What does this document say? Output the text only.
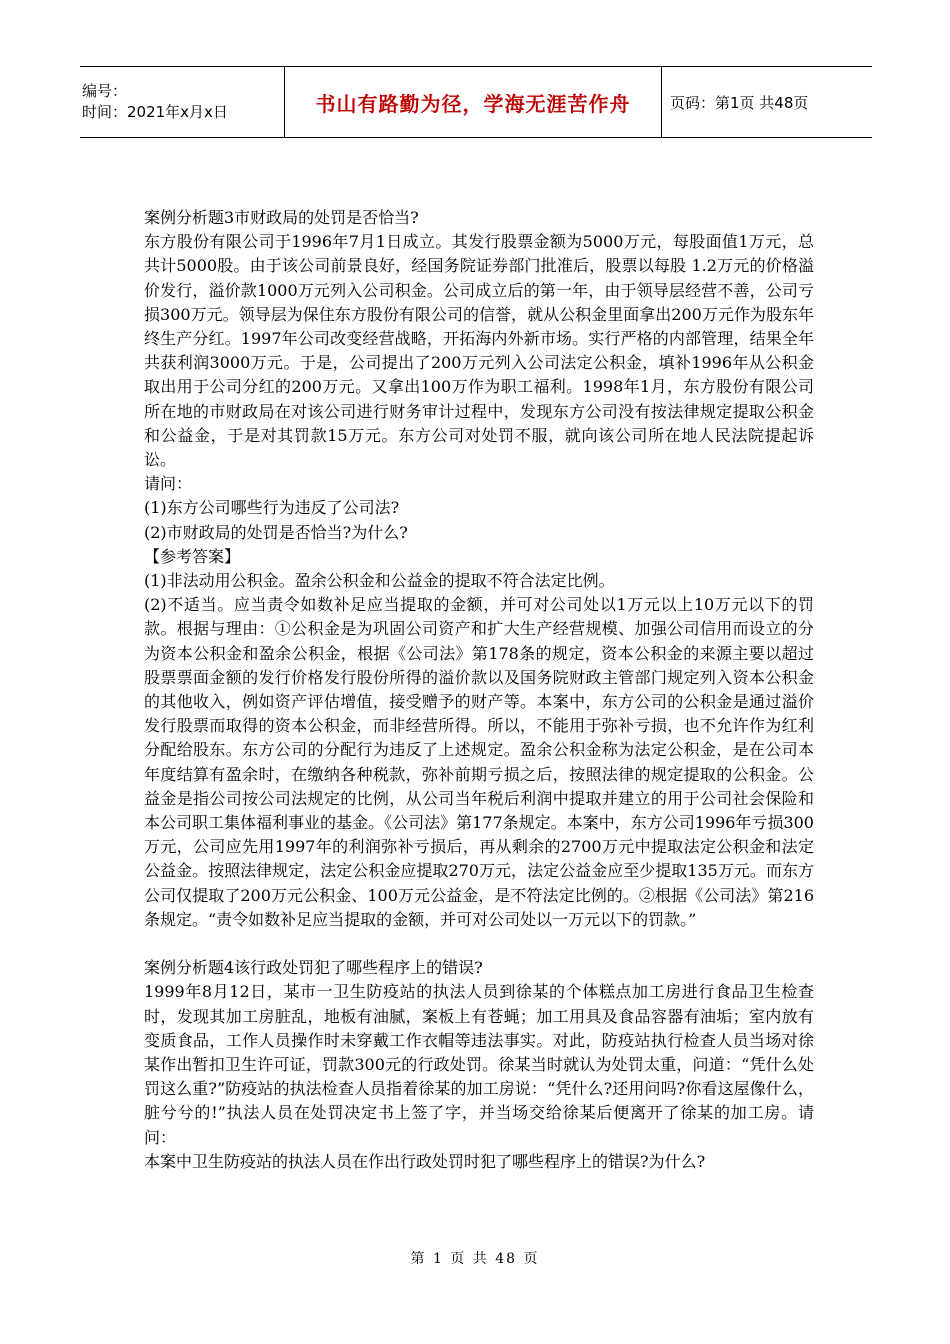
编号：
时间：2021年x月x日	书山有路勤为径，学海无涯苦作舟	页码：第1页 共48页

案例分析题3市财政局的处罚是否恰当?

东方股份有限公司于1996年7月1日成立。其发行股票金额为5000万元，每股面值1万元，总共计5000股。由于该公司前景良好，经国务院证券部门批准后，股票以每股 1.2万元的价格溢价发行，溢价款1000万元列入公司积金。公司成立后的第一年，由于领导层经营不善，公司亏损300万元。领导层为保住东方股份有限公司的信誉，就从公积金里面拿出200万元作为股东年终生产分红。1997年公司改变经营战略，开拓海内外新市场。实行严格的内部管理，结果全年共获利润3000万元。于是，公司提出了200万元列入公司法定公积金，填补1996年从公积金取出用于公司分红的200万元。又拿出100万作为职工福利。1998年1月，东方股份有限公司所在地的市财政局在对该公司进行财务审计过程中，发现东方公司没有按法律规定提取公积金和公益金，于是对其罚款15万元。东方公司对处罚不服，就向该公司所在地人民法院提起诉讼。

请问：

(1)东方公司哪些行为违反了公司法?

(2)市财政局的处罚是否恰当?为什么?

【参考答案】

(1)非法动用公积金。盈余公积金和公益金的提取不符合法定比例。

(2)不适当。应当责令如数补足应当提取的金额，并可对公司处以1万元以上10万元以下的罚款。根据与理由：①公积金是为巩固公司资产和扩大生产经营规模、加强公司信用而设立的分为资本公积金和盈余公积金，根据《公司法》第178条的规定，资本公积金的来源主要以超过股票票面金额的发行价格发行股份所得的溢价款以及国务院财政主管部门规定列入资本公积金的其他收入，例如资产评估增值，接受赠予的财产等。本案中，东方公司的公积金是通过溢价发行股票而取得的资本公积金，而非经营所得。所以，不能用于弥补亏损，也不允许作为红利分配给股东。东方公司的分配行为违反了上述规定。盈余公积金称为法定公积金，是在公司本年度结算有盈余时，在缴纳各种税款，弥补前期亏损之后，按照法律的规定提取的公积金。公益金是指公司按公司法规定的比例，从公司当年税后利润中提取并建立的用于公司社会保险和本公司职工集体福利事业的基金。《公司法》第177条规定。本案中，东方公司1996年亏损300万元，公司应先用1997年的利润弥补亏损后，再从剩余的2700万元中提取法定公积金和法定公益金。按照法律规定，法定公积金应提取270万元，法定公益金应至少提取135万元。而东方公司仅提取了200万元公积金、100万元公益金，是不符法定比例的。②根据《公司法》第216条规定。“责令如数补足应当提取的金额，并可对公司处以一万元以下的罚款。”

案例分析题4该行政处罚犯了哪些程序上的错误?

1999年8月12日，某市一卫生防疫站的执法人员到徐某的个体糕点加工房进行食品卫生检查时，发现其加工房脏乱，地板有油腻，案板上有苍蝇；加工用具及食品容器有油垢；室内放有变质食品，工作人员操作时未穿戴工作衣帽等违法事实。对此，防疫站执行检查人员当场对徐某作出暂扣卫生许可证，罚款300元的行政处罚。徐某当时就认为处罚太重，问道：“凭什么处罚这么重?”防疫站的执法检查人员指着徐某的加工房说：“凭什么?还用问吗?你看这屋像什么，脏兮兮的!”执法人员在处罚决定书上签了字，并当场交给徐某后便离开了徐某的加工房。请问：

本案中卫生防疫站的执法人员在作出行政处罚时犯了哪些程序上的错误?为什么?

第 1 页 共 48 页
